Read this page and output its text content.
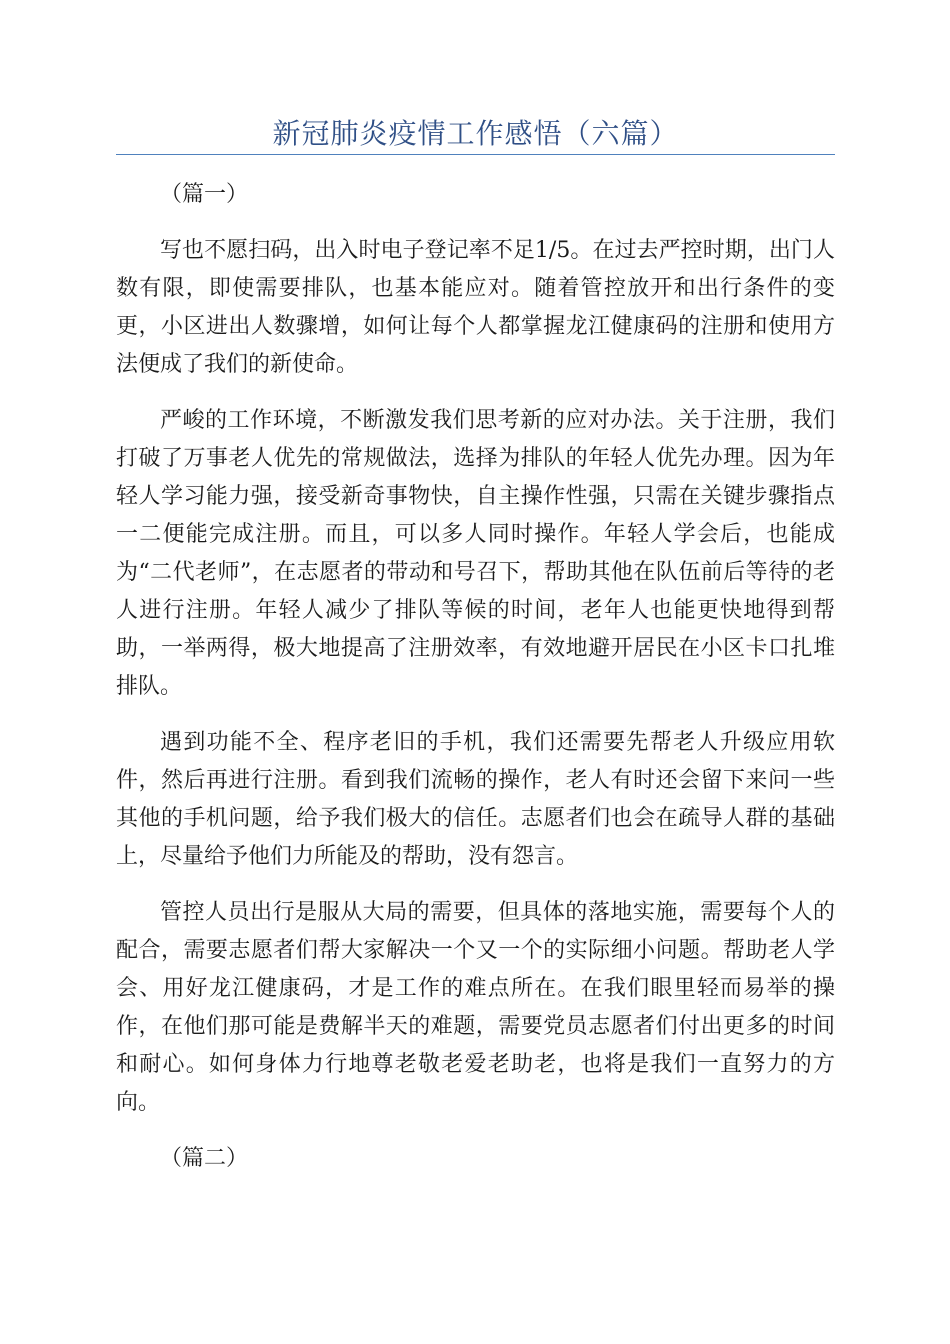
新冠肺炎疫情工作感悟（六篇）
（篇一）

写也不愿扫码，出入时电子登记率不足1/5。在过去严控时期，出门人数有限，即使需要排队，也基本能应对。随着管控放开和出行条件的变更，小区进出人数骤增，如何让每个人都掌握龙江健康码的注册和使用方法便成了我们的新使命。

严峻的工作环境，不断激发我们思考新的应对办法。关于注册，我们打破了万事老人优先的常规做法，选择为排队的年轻人优先办理。因为年轻人学习能力强，接受新奇事物快，自主操作性强，只需在关键步骤指点一二便能完成注册。而且，可以多人同时操作。年轻人学会后，也能成为“二代老师”，在志愿者的带动和号召下，帮助其他在队伍前后等待的老人进行注册。年轻人减少了排队等候的时间，老年人也能更快地得到帮助，一举两得，极大地提高了注册效率，有效地避开居民在小区卡口扎堆排队。

遇到功能不全、程序老旧的手机，我们还需要先帮老人升级应用软件，然后再进行注册。看到我们流畅的操作，老人有时还会留下来问一些其他的手机问题，给予我们极大的信任。志愿者们也会在疏导人群的基础上，尽量给予他们力所能及的帮助，没有怨言。

管控人员出行是服从大局的需要，但具体的落地实施，需要每个人的配合，需要志愿者们帮大家解决一个又一个的实际细小问题。帮助老人学会、用好龙江健康码，才是工作的难点所在。在我们眼里轻而易举的操作，在他们那可能是费解半天的难题，需要党员志愿者们付出更多的时间和耐心。如何身体力行地尊老敬老爱老助老，也将是我们一直努力的方向。

（篇二）
